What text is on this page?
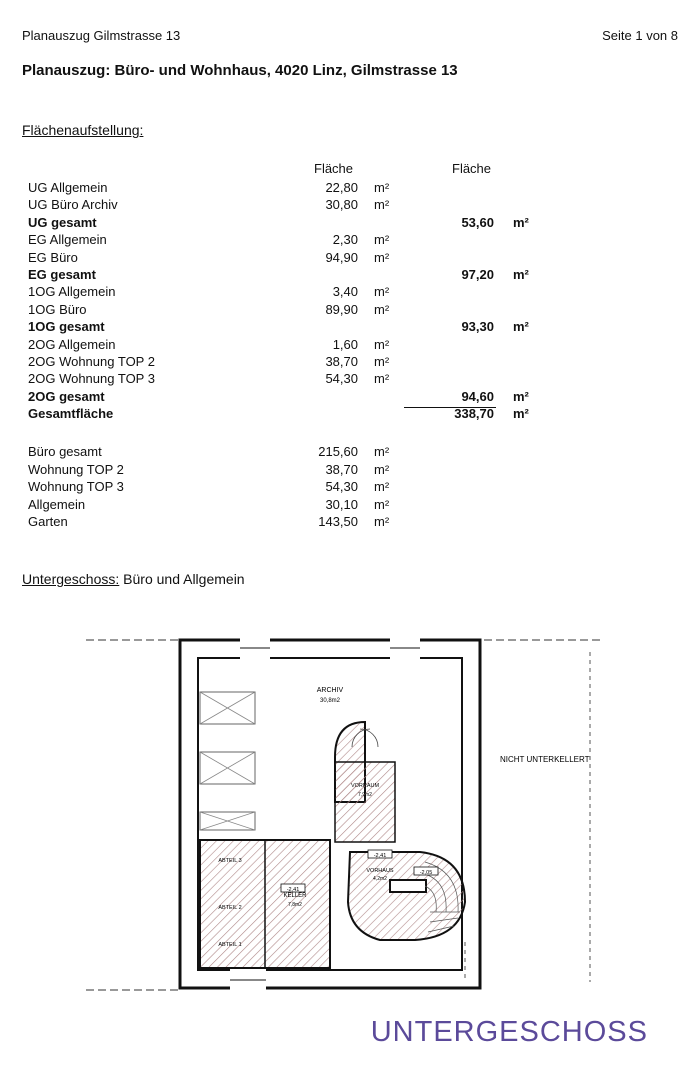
Planauszug Gilmstrasse 13	Seite 1 von 8
Planauszug: Büro- und Wohnhaus, 4020 Linz, Gilmstrasse 13
Flächenaufstellung:
Fläche	Fläche
UG Allgemein	22,80 m²
UG Büro Archiv	30,80 m²
UG gesamt	53,60 m²
EG Allgemein	2,30 m²
EG Büro	94,90 m²
EG gesamt	97,20 m²
1OG Allgemein	3,40 m²
1OG Büro	89,90 m²
1OG gesamt	93,30 m²
2OG Allgemein	1,60 m²
2OG Wohnung TOP 2	38,70 m²
2OG Wohnung TOP 3	54,30 m²
2OG gesamt	94,60 m²
Gesamtfläche	338,70 m²
Büro gesamt	215,60 m²
Wohnung TOP 2	38,70 m²
Wohnung TOP 3	54,30 m²
Allgemein	30,10 m²
Garten	143,50 m²
Untergeschoss: Büro und Allgemein
ARCHIV
30,8m2
NICHT UNTERKELLERT
VORRAUM
7,9m2
KELLER
7,8m2
VORHAUS
4,2m2
ABTEIL 3
ABTEIL 2
ABTEIL 1
-2,41
-2,41
-2,05
UNTERGESCHOSS
